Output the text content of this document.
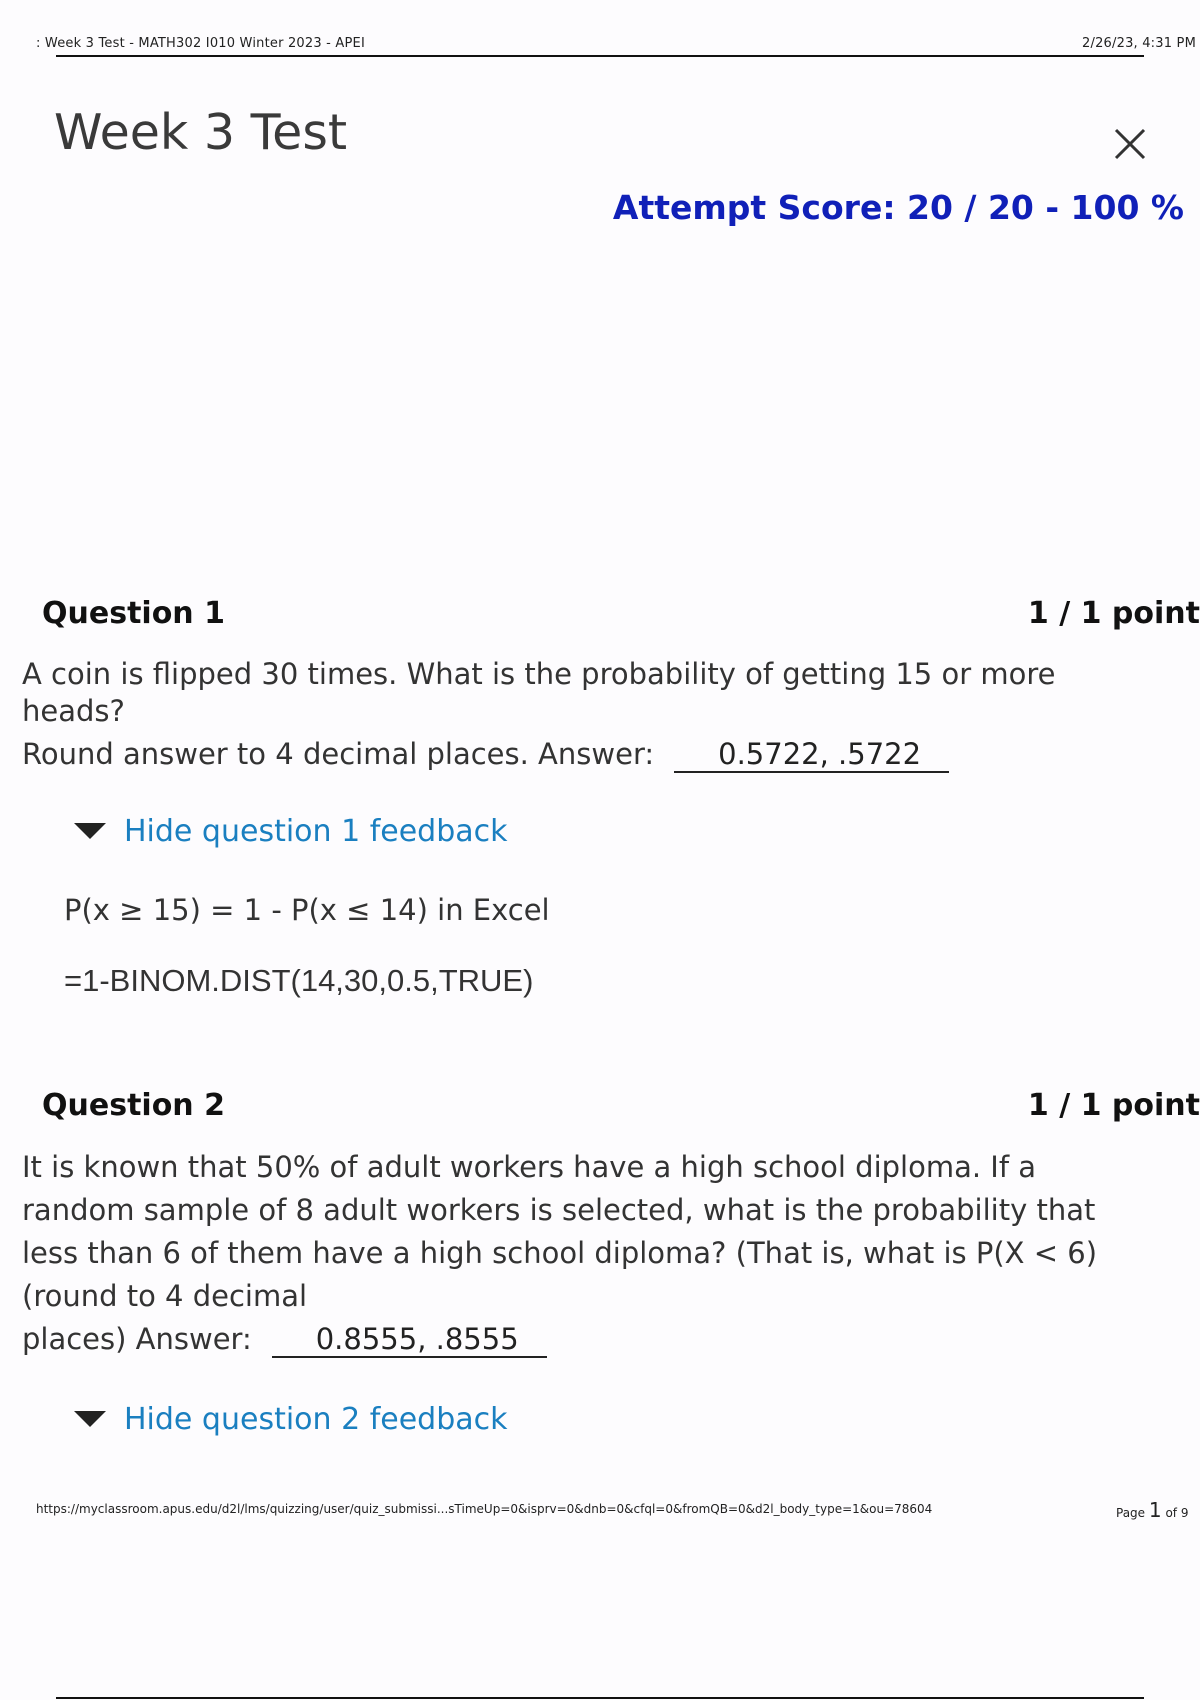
: Week 3 Test - MATH302 I010 Winter 2023 - APEI	2/26/23, 4:31 PM
Week 3 Test
Attempt Score: 20 / 20 - 100 %
Question 1	1 / 1 point
A coin is flipped 30 times. What is the probability of getting 15 or more
heads?
Round answer to 4 decimal places. Answer: 0.5722, .5722
Hide question 1 feedback
P(x ≥ 15) = 1 - P(x ≤ 14) in Excel
=1-BINOM.DIST(14,30,0.5,TRUE)
Question 2	1 / 1 point
It is known that 50% of adult workers have a high school diploma. If a
random sample of 8 adult workers is selected, what is the probability that
less than 6 of them have a high school diploma? (That is, what is P(X < 6)
(round to 4 decimal
places) Answer: 0.8555, .8555
Hide question 2 feedback
https://myclassroom.apus.edu/d2l/lms/quizzing/user/quiz_submissi...sTimeUp=0&isprv=0&dnb=0&cfql=0&fromQB=0&d2l_body_type=1&ou=78604	Page 1 of 9
